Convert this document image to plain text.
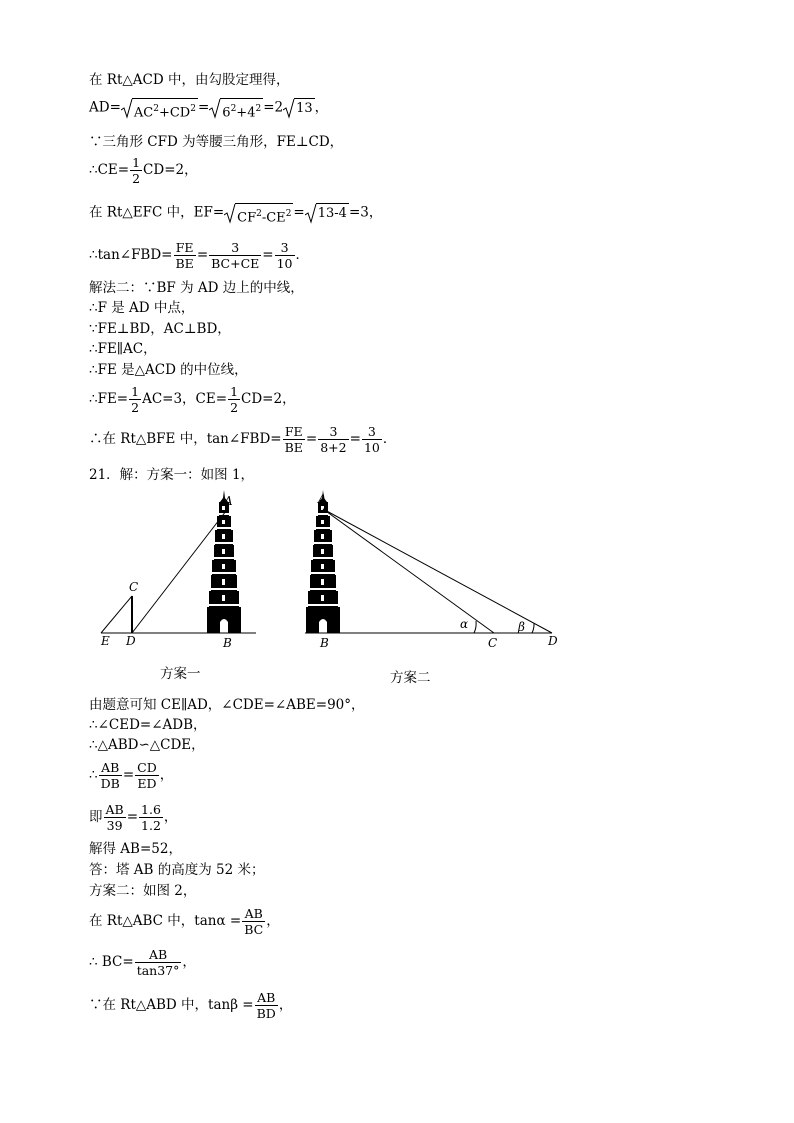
在 Rt△ACD 中，由勾股定理得，
$AD= AC^2+CD^2 = 6^2+4^2 =2$ 13 ，
∵三角形 CFD 为等腰三角形，FE⊥CD，
∴CE= $\frac{1}{2} CD=2$，
在 Rt△EFC 中，$EF= CF^2-CE^2 = 13-4 =3$，
∴tan∠FBD= $\frac{FE}{BE} = \frac{3}{BC+CE} = \frac{3}{10}$ ．
解法二：∵BF 为 AD 边上的中线，
∴F 是 AD 中点，
∵FE⊥BD，AC⊥BD，
∴FE∥AC，
∴FE 是△ACD 的中位线，
∴FE= $\frac{1}{2} AC=3$，$CE= \frac{1}{2} CD=2$，
∴在 Rt△BFE 中，tan∠FBD= $\frac{FE}{BE} = \frac{3}{8+2} = \frac{3}{10}$ ．
21．解：方案一：如图 1，
A
C
E D	B
A
B
α
C
β
D
方案一	方案二
由题意可知 CE∥AD，∠CDE=∠ABE=90°，
∴∠CED=∠ADB，
∴△ABD∽△CDE，
∴ $\frac{AB}{DB} = \frac{CD}{ED}$ ，
即 $\frac{AB}{39} = \frac{1.6}{1.2}$ ，
解得 AB=52，
答：塔 AB 的高度为 52 米；
方案二：如图 2，
在 Rt△ABC 中，$\tan\alpha = \frac{AB}{BC}$ ，
∴ $BC= \frac{AB}{\tan 37^\circ}$ ，
∵在 Rt△ABD 中，$\tan\beta = \frac{AB}{BD}$ ，
